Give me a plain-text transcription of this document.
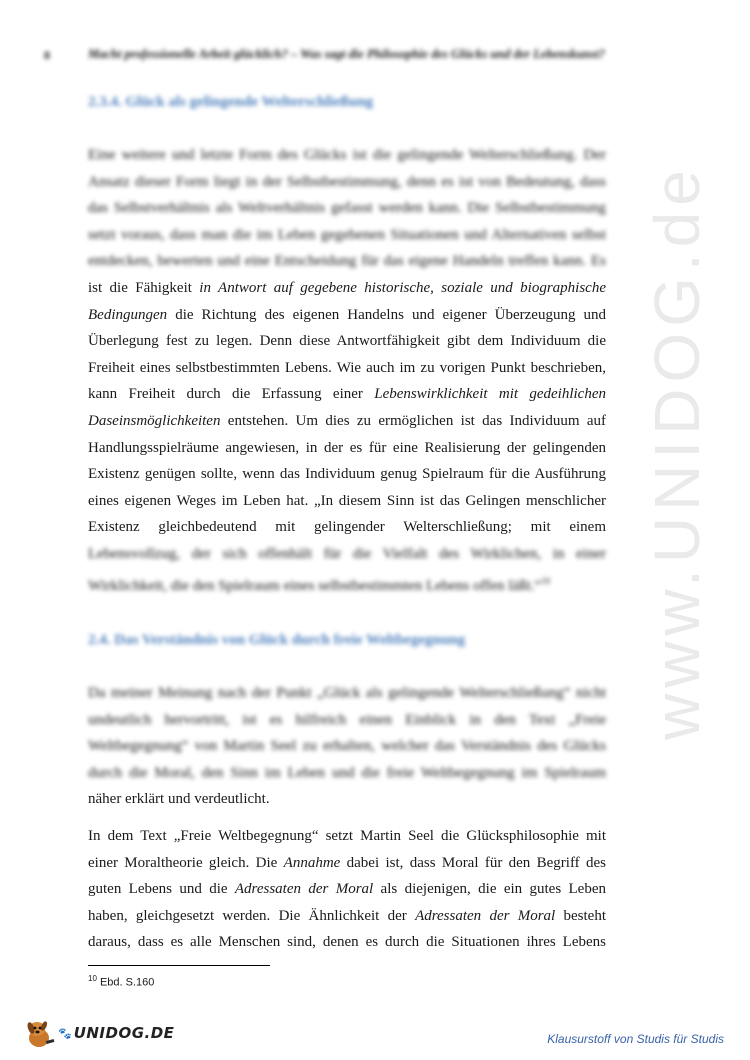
www.UNIDOG.de
8	Macht professionelle Arbeit glücklich? – Was sagt die Philosophie des Glücks und der Lebenskunst?
2.3.4. Glück als gelingende Welterschließung
Eine weitere und letzte Form des Glücks ist die gelingende Welterschließung. Der
Ansatz dieser Form liegt in der Selbstbestimmung, denn es ist von Bedeutung, dass
das Selbstverhältnis als Weltverhältnis gefasst werden kann. Die Selbstbestimmung
setzt voraus, dass man die im Leben gegebenen Situationen und Alternativen selbst
entdecken, bewerten und eine Entscheidung für das eigene Handeln treffen kann. Es
ist die Fähigkeit in Antwort auf gegebene historische, soziale und biographische
Bedingungen die Richtung des eigenen Handelns und eigener Überzeugung und
Überlegung fest zu legen. Denn diese Antwortfähigkeit gibt dem Individuum die
Freiheit eines selbstbestimmten Lebens. Wie auch im zu vorigen Punkt beschrieben,
kann Freiheit durch die Erfassung einer Lebenswirklichkeit mit gedeihlichen
Daseinsmöglichkeiten entstehen. Um dies zu ermöglichen ist das Individuum auf
Handlungsspielräume angewiesen, in der es für eine Realisierung der gelingenden
Existenz genügen sollte, wenn das Individuum genug Spielraum für die Ausführung
eines eigenen Weges im Leben hat. „In diesem Sinn ist das Gelingen menschlicher
Existenz gleichbedeutend mit gelingender Welterschließung; mit einem
Lebensvollzug, der sich offenhält für die Vielfalt des Wirklichen, in einer
Wirklichkeit, die den Spielraum eines selbstbestimmten Lebens offen läßt.“$^{10}$
2.4. Das Verständnis von Glück durch freie Weltbegegnung
Da meiner Meinung nach der Punkt „Glück als gelingende Welterschließung“ nicht
undeutlich hervortritt, ist es hilfreich einen Einblick in den Text „Freie
Weltbegegnung“ von Martin Seel zu erhalten, welcher das Verständnis des Glücks
durch die Moral, den Sinn im Leben und die freie Weltbegegnung im Spielraum
näher erklärt und verdeutlicht.
In dem Text „Freie Weltbegegnung“ setzt Martin Seel die Glücksphilosophie mit
einer Moraltheorie gleich. Die Annahme dabei ist, dass Moral für den Begriff des
guten Lebens und die Adressaten der Moral als diejenigen, die ein gutes Leben
haben, gleichgesetzt werden. Die Ähnlichkeit der Adressaten der Moral besteht
daraus, dass es alle Menschen sind, denen es durch die Situationen ihres Lebens
$^{10}$ Ebd. S.160
🐾 UNIDOG.DE	Klausurstoff von Studis für Studis
